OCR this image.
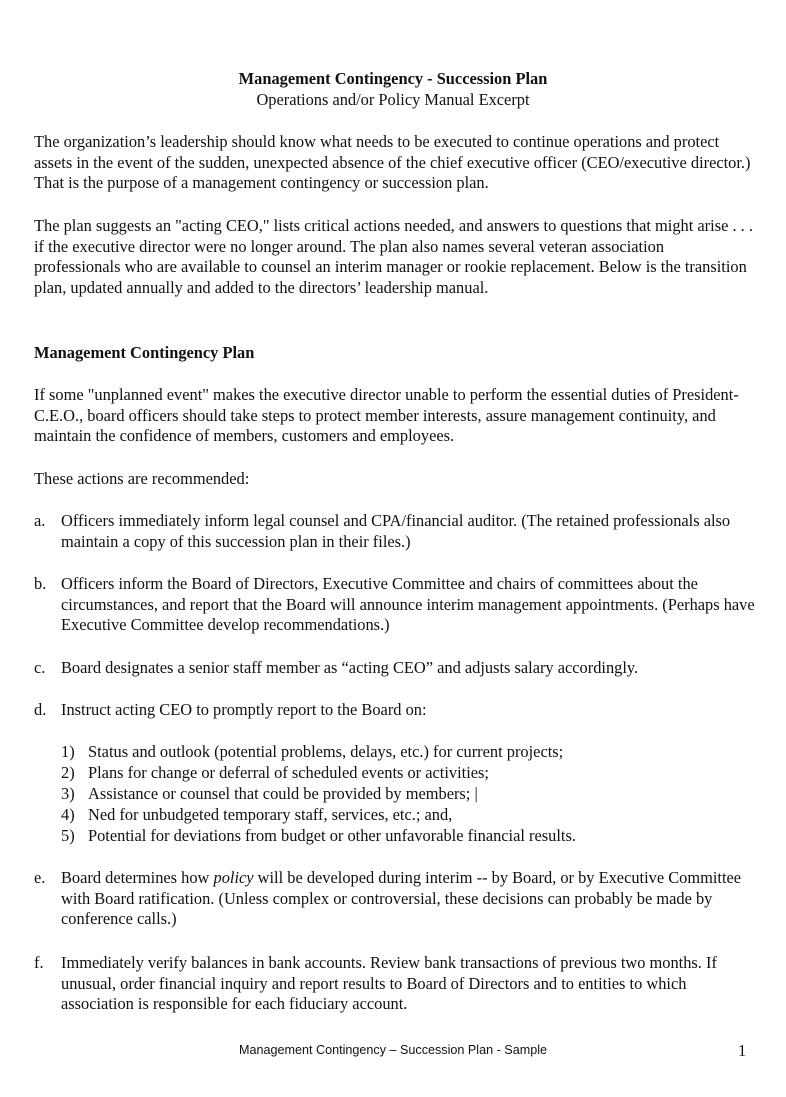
Management Contingency - Succession Plan

Operations and/or Policy Manual Excerpt

The organization’s leadership should know what needs to be executed to continue operations and protect assets in the event of the sudden, unexpected absence of the chief executive officer (CEO/executive director.) That is the purpose of a management contingency or succession plan.

The plan suggests an "acting CEO," lists critical actions needed, and answers to questions that might arise . . . if the executive director were no longer around. The plan also names several veteran association professionals who are available to counsel an interim manager or rookie replacement. Below is the transition plan, updated annually and added to the directors’ leadership manual.

Management Contingency Plan

If some "unplanned event" makes the executive director unable to perform the essential duties of President-C.E.O., board officers should take steps to protect member interests, assure management continuity, and maintain the confidence of members, customers and employees.

These actions are recommended:

a. Officers immediately inform legal counsel and CPA/financial auditor. (The retained professionals also maintain a copy of this succession plan in their files.)
b. Officers inform the Board of Directors, Executive Committee and chairs of committees about the circumstances, and report that the Board will announce interim management appointments. (Perhaps have Executive Committee develop recommendations.)
c. Board designates a senior staff member as “acting CEO” and adjusts salary accordingly.
d. Instruct acting CEO to promptly report to the Board on:
1) Status and outlook (potential problems, delays, etc.) for current projects;
2) Plans for change or deferral of scheduled events or activities;
3) Assistance or counsel that could be provided by members; |
4) Ned for unbudgeted temporary staff, services, etc.; and,
5) Potential for deviations from budget or other unfavorable financial results.
e. Board determines how policy will be developed during interim -- by Board, or by Executive Committee with Board ratification. (Unless complex or controversial, these decisions can probably be made by conference calls.)
f. Immediately verify balances in bank accounts. Review bank transactions of previous two months. If unusual, order financial inquiry and report results to Board of Directors and to entities to which association is responsible for each fiduciary account.
Management Contingency – Succession Plan - Sample	1
